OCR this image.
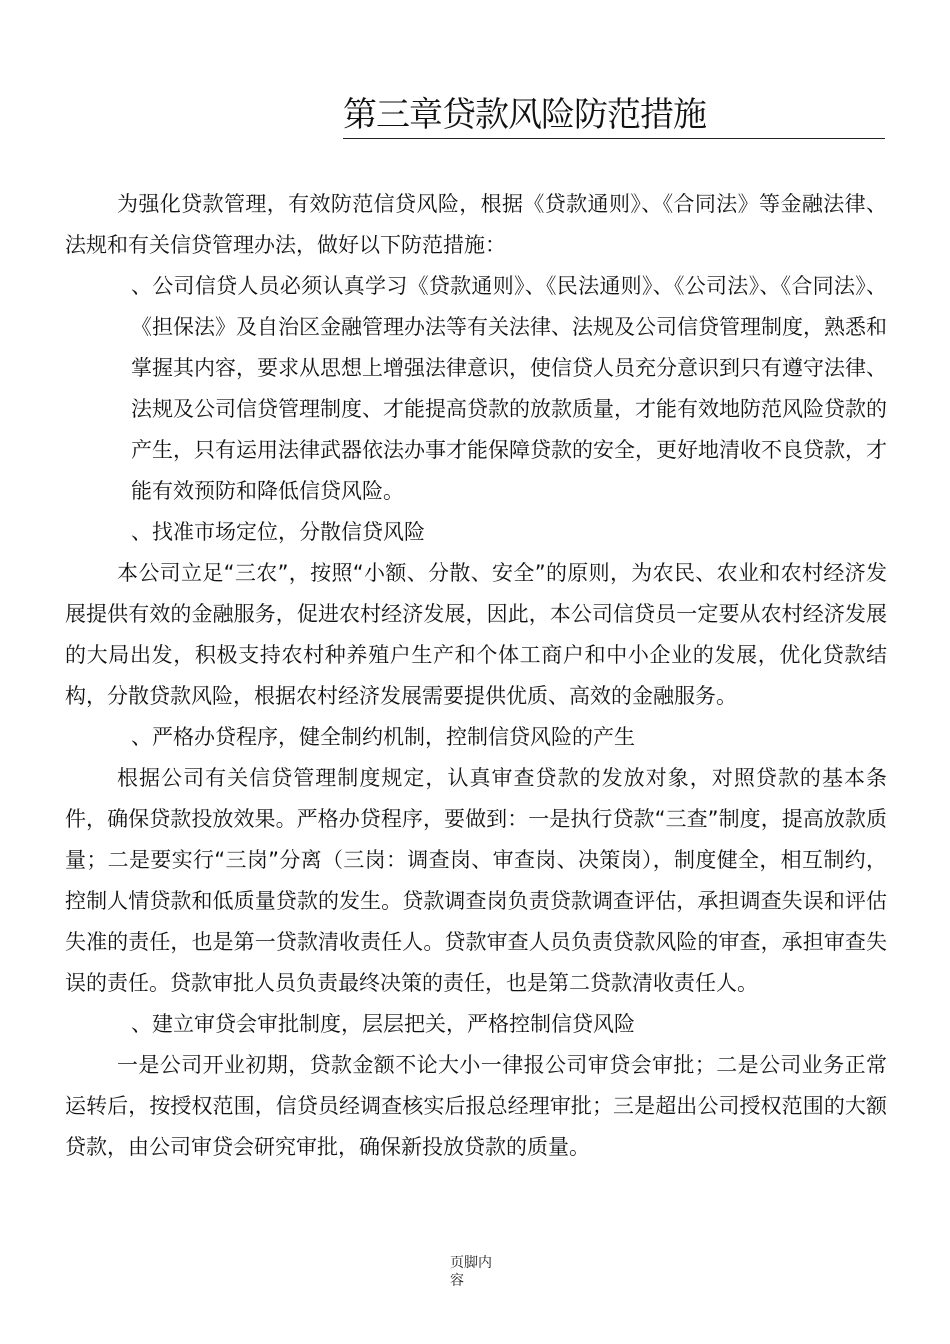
第三章贷款风险防范措施

为强化贷款管理，有效防范信贷风险，根据《贷款通则》、《合同法》等金融法律、法规和有关信贷管理办法，做好以下防范措施：

、公司信贷人员必须认真学习《贷款通则》、《民法通则》、《公司法》、《合同法》、《担保法》及自治区金融管理办法等有关法律、法规及公司信贷管理制度，熟悉和掌握其内容，要求从思想上增强法律意识，使信贷人员充分意识到只有遵守法律、法规及公司信贷管理制度、才能提高贷款的放款质量，才能有效地防范风险贷款的产生，只有运用法律武器依法办事才能保障贷款的安全，更好地清收不良贷款，才能有效预防和降低信贷风险。

、找准市场定位，分散信贷风险

本公司立足“三农”，按照“小额、分散、安全”的原则，为农民、农业和农村经济发展提供有效的金融服务，促进农村经济发展，因此，本公司信贷员一定要从农村经济发展的大局出发，积极支持农村种养殖户生产和个体工商户和中小企业的发展，优化贷款结构，分散贷款风险，根据农村经济发展需要提供优质、高效的金融服务。

、严格办贷程序，健全制约机制，控制信贷风险的产生

根据公司有关信贷管理制度规定，认真审查贷款的发放对象，对照贷款的基本条件，确保贷款投放效果。严格办贷程序，要做到：一是执行贷款“三查”制度，提高放款质量；二是要实行“三岗”分离（三岗：调查岗、审查岗、决策岗），制度健全，相互制约，控制人情贷款和低质量贷款的发生。贷款调查岗负责贷款调查评估，承担调查失误和评估失准的责任，也是第一贷款清收责任人。贷款审查人员负责贷款风险的审查，承担审查失误的责任。贷款审批人员负责最终决策的责任，也是第二贷款清收责任人。

、建立审贷会审批制度，层层把关，严格控制信贷风险

一是公司开业初期，贷款金额不论大小一律报公司审贷会审批；二是公司业务正常运转后，按授权范围，信贷员经调查核实后报总经理审批；三是超出公司授权范围的大额贷款，由公司审贷会研究审批，确保新投放贷款的质量。

页脚内容
